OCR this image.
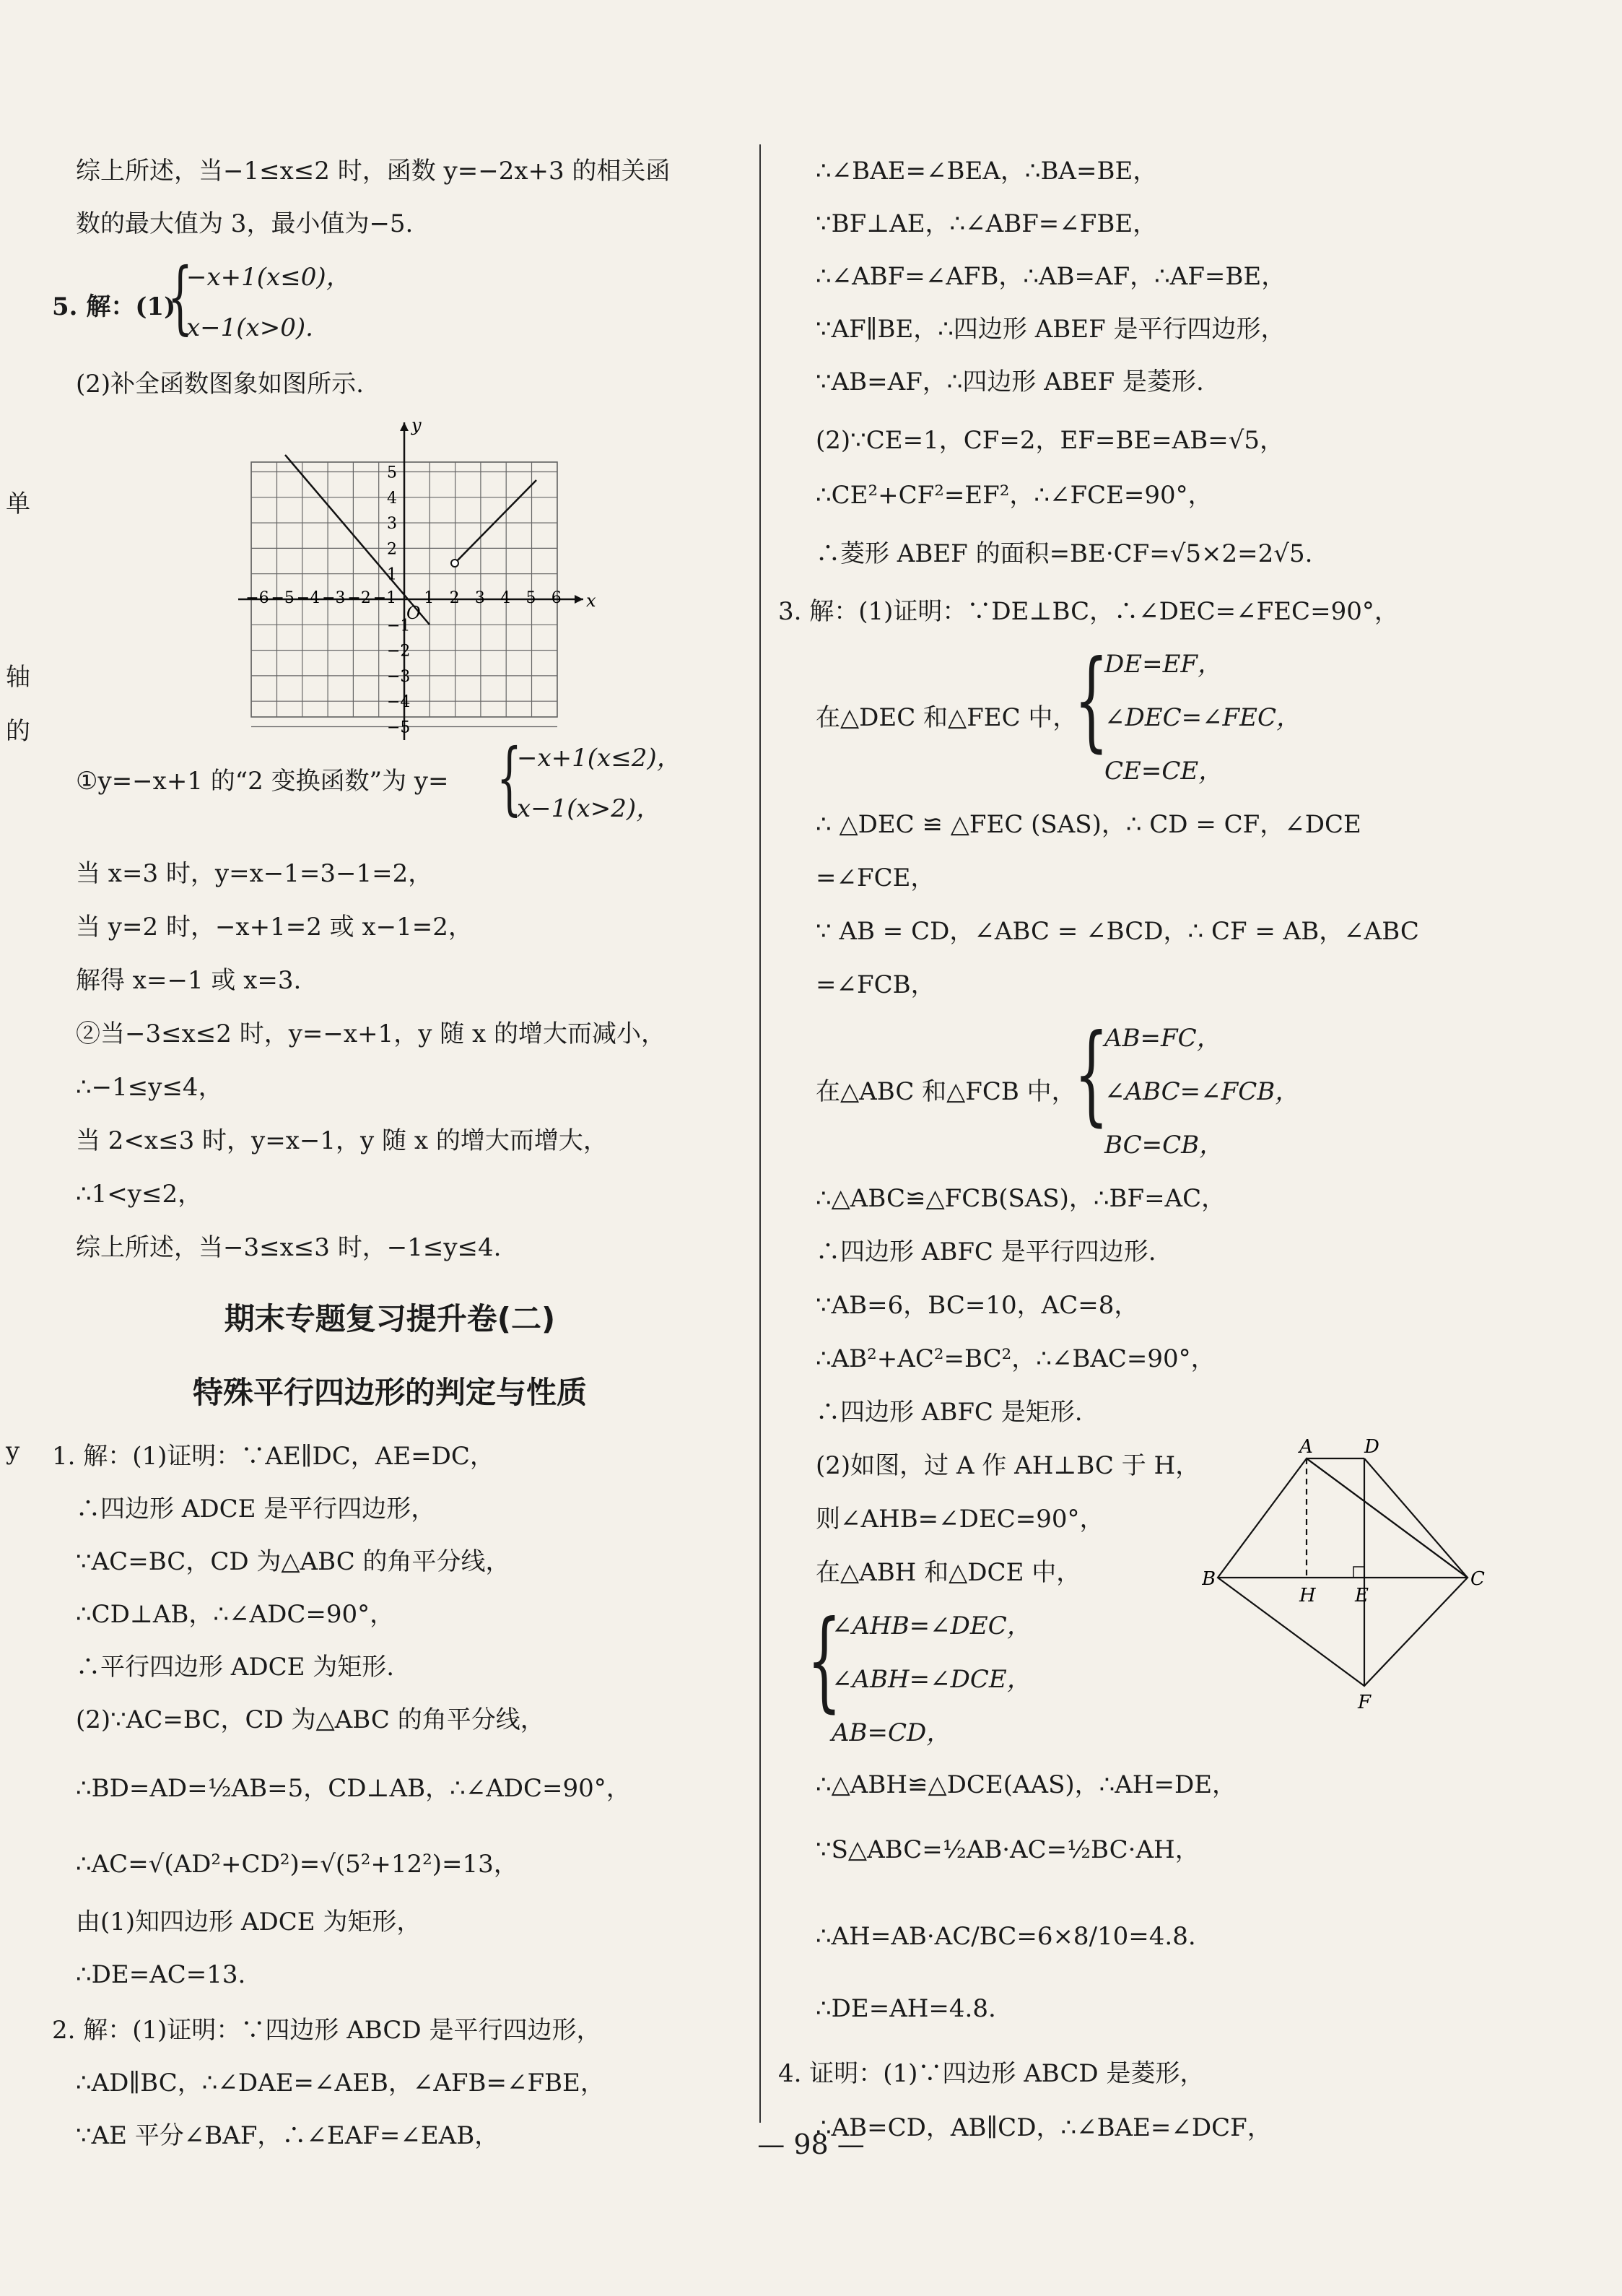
单
轴
的
y
综上所述，当−1≤x≤2 时，函数 y=−2x+3 的相关函
数的最大值为 3，最小值为−5.
5. 解：(1)
{
−x+1(x≤0)，
x−1(x>0).
(2)补全函数图象如图所示.
x
y
O
−6 −5 −4 −3 −2 −1 1 2 3 4 5 6
5
4
3
2
1
−1
−2
−3
−4
−5
①y=−x+1 的“2 变换函数”为 y= {
−x+1(x≤2)，
x−1(x>2)，
当 x=3 时，y=x−1=3−1=2，
当 y=2 时，−x+1=2 或 x−1=2，
解得 x=−1 或 x=3.
②当−3≤x≤2 时，y=−x+1，y 随 x 的增大而减小，
∴−1≤y≤4，
当 2<x≤3 时，y=x−1，y 随 x 的增大而增大，
∴1<y≤2，
综上所述，当−3≤x≤3 时，−1≤y≤4.
期末专题复习提升卷(二)
特殊平行四边形的判定与性质
1. 解：(1)证明：∵AE∥DC，AE=DC，
∴四边形 ADCE 是平行四边形，
∵AC=BC，CD 为△ABC 的角平分线，
∴CD⊥AB，∴∠ADC=90°，
∴平行四边形 ADCE 为矩形.
(2)∵AC=BC，CD 为△ABC 的角平分线，
∴BD=AD=½AB=5，CD⊥AB，∴∠ADC=90°，
∴AC=√(AD²+CD²)=√(5²+12²)=13，
由(1)知四边形 ADCE 为矩形，
∴DE=AC=13.
2. 解：(1)证明：∵四边形 ABCD 是平行四边形，
∴AD∥BC，∴∠DAE=∠AEB，∠AFB=∠FBE，
∵AE 平分∠BAF，∴∠EAF=∠EAB，
∴∠BAE=∠BEA，∴BA=BE，
∵BF⊥AE，∴∠ABF=∠FBE，
∴∠ABF=∠AFB，∴AB=AF，∴AF=BE，
∵AF∥BE，∴四边形 ABEF 是平行四边形，
∵AB=AF，∴四边形 ABEF 是菱形.
(2)∵CE=1，CF=2，EF=BE=AB=√5，
∴CE²+CF²=EF²，∴∠FCE=90°，
∴菱形 ABEF 的面积=BE·CF=√5×2=2√5.
3. 解：(1)证明：∵DE⊥BC，∴∠DEC=∠FEC=90°，
在△DEC 和△FEC 中，
{
DE=EF，
∠DEC=∠FEC，
CE=CE，
∴ △DEC ≌ △FEC (SAS)，∴ CD = CF，∠DCE
=∠FCE，
∵ AB = CD，∠ABC = ∠BCD，∴ CF = AB，∠ABC
=∠FCB，
在△ABC 和△FCB 中，
{
AB=FC，
∠ABC=∠FCB，
BC=CB，
∴△ABC≌△FCB(SAS)，∴BF=AC，
∴四边形 ABFC 是平行四边形.
∵AB=6，BC=10，AC=8，
∴AB²+AC²=BC²，∴∠BAC=90°，
∴四边形 ABFC 是矩形.
(2)如图，过 A 作 AH⊥BC 于 H，
则∠AHB=∠DEC=90°，
在△ABH 和△DCE 中，
{
∠AHB=∠DEC，
∠ABH=∠DCE，
AB=CD，
A	D
B
H E
C
F
∴△ABH≌△DCE(AAS)，∴AH=DE，
∵S△ABC=½AB·AC=½BC·AH，
∴AH=AB·AC/BC=6×8/10=4.8.
∴DE=AH=4.8.
4. 证明：(1)∵四边形 ABCD 是菱形，
∴AB=CD，AB∥CD，∴∠BAE=∠DCF，
— 98 —
